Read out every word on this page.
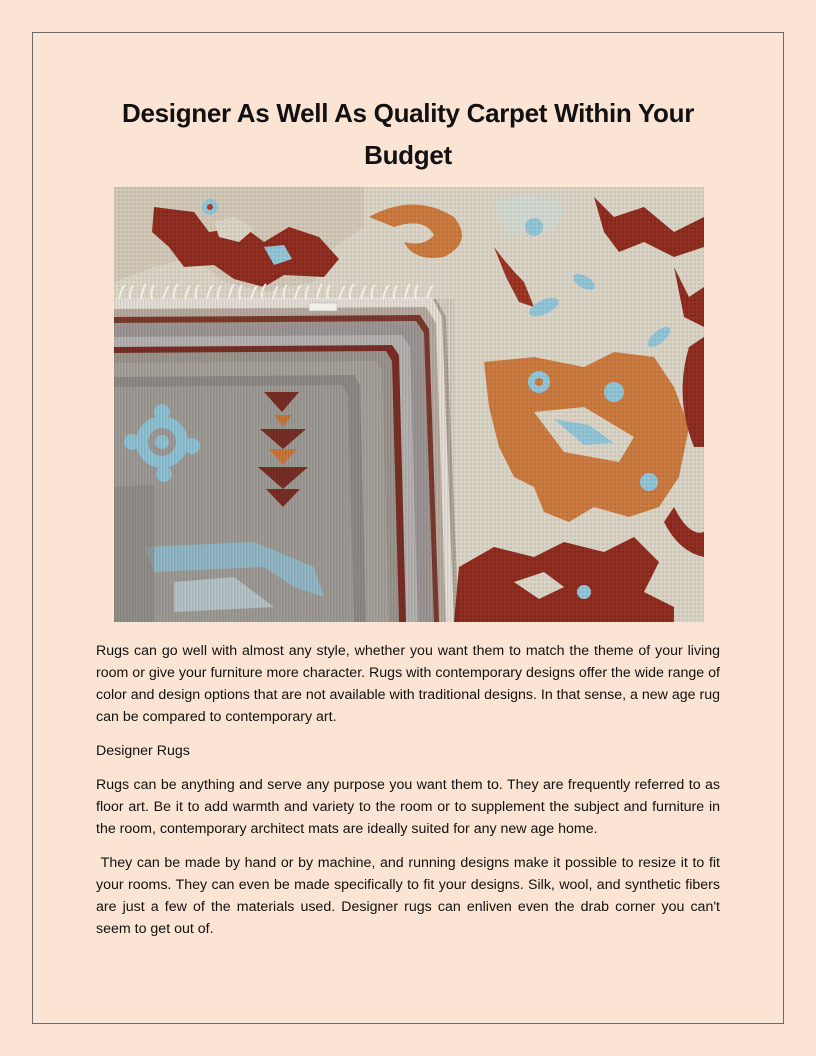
Designer As Well As Quality Carpet Within Your Budget

Rugs can go well with almost any style, whether you want them to match the theme of your living room or give your furniture more character. Rugs with contemporary designs offer the wide range of color and design options that are not available with traditional designs. In that sense, a new age rug can be compared to contemporary art.

Designer Rugs

Rugs can be anything and serve any purpose you want them to. They are frequently referred to as floor art. Be it to add warmth and variety to the room or to supplement the subject and furniture in the room, contemporary architect mats are ideally suited for any new age home.

They can be made by hand or by machine, and running designs make it possible to resize it to fit your rooms. They can even be made specifically to fit your designs. Silk, wool, and synthetic fibers are just a few of the materials used. Designer rugs can enliven even the drab corner you can't seem to get out of.
